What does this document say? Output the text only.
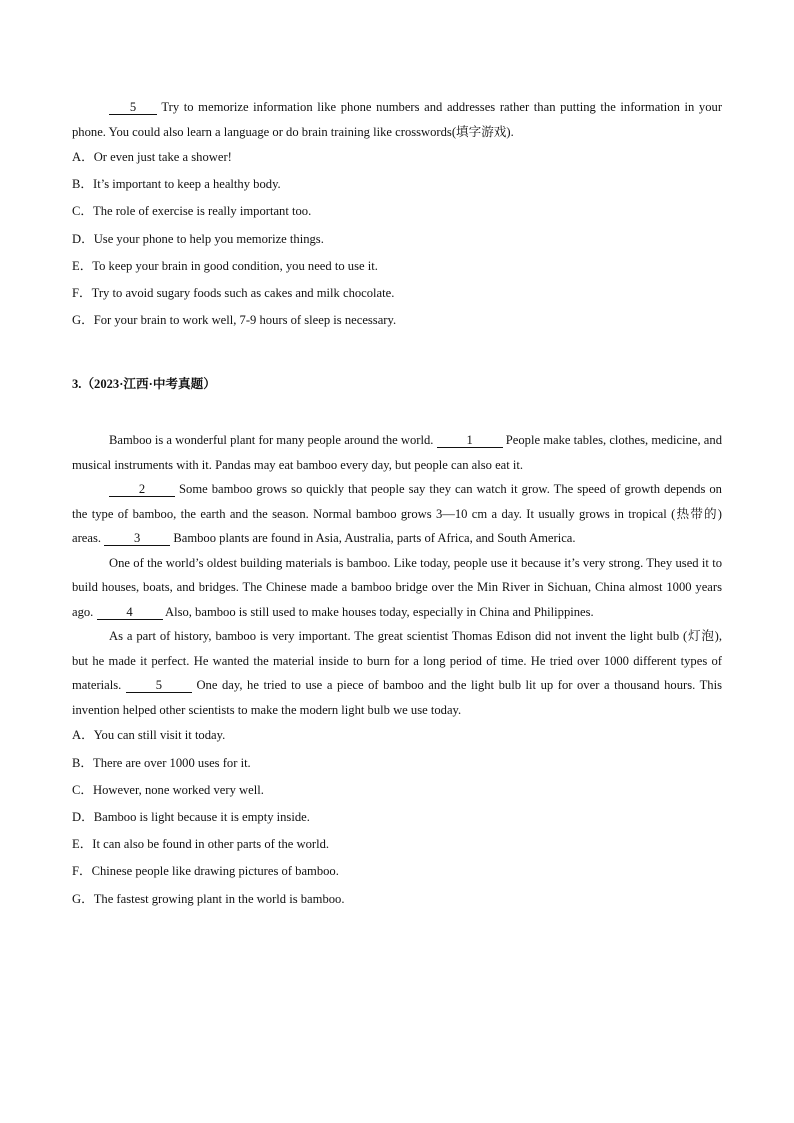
5 Try to memorize information like phone numbers and addresses rather than putting the information in your phone. You could also learn a language or do brain training like crosswords(填字游戏).

A．Or even just take a shower!

B．It’s important to keep a healthy body.

C．The role of exercise is really important too.

D．Use your phone to help you memorize things.

E．To keep your brain in good condition, you need to use it.

F．Try to avoid sugary foods such as cakes and milk chocolate.

G．For your brain to work well, 7-9 hours of sleep is necessary.

3.（2023·江西·中考真题）

Bamboo is a wonderful plant for many people around the world.	1	People make tables, clothes, medicine, and musical instruments with it. Pandas may eat bamboo every day, but people can also eat it.

2	Some bamboo grows so quickly that people say they can watch it grow. The speed of growth depends on the type of bamboo, the earth and the season. Normal bamboo grows 3—10 cm a day. It usually grows in tropical (热带的) areas.	3	Bamboo plants are found in Asia, Australia, parts of Africa, and South America.

One of the world’s oldest building materials is bamboo. Like today, people use it because it’s very strong. They used it to build houses, boats, and bridges. The Chinese made a bamboo bridge over the Min River in Sichuan, China almost 1000 years ago.	4	Also, bamboo is still used to make houses today, especially in China and Philippines.

As a part of history, bamboo is very important. The great scientist Thomas Edison did not invent the light bulb (灯泡), but he made it perfect. He wanted the material inside to burn for a long period of time. He tried over 1000 different types of materials.	5	One day, he tried to use a piece of bamboo and the light bulb lit up for over a thousand hours. This invention helped other scientists to make the modern light bulb we use today.

A．You can still visit it today.

B．There are over 1000 uses for it.

C．However, none worked very well.

D．Bamboo is light because it is empty inside.

E．It can also be found in other parts of the world.

F．Chinese people like drawing pictures of bamboo.

G．The fastest growing plant in the world is bamboo.
